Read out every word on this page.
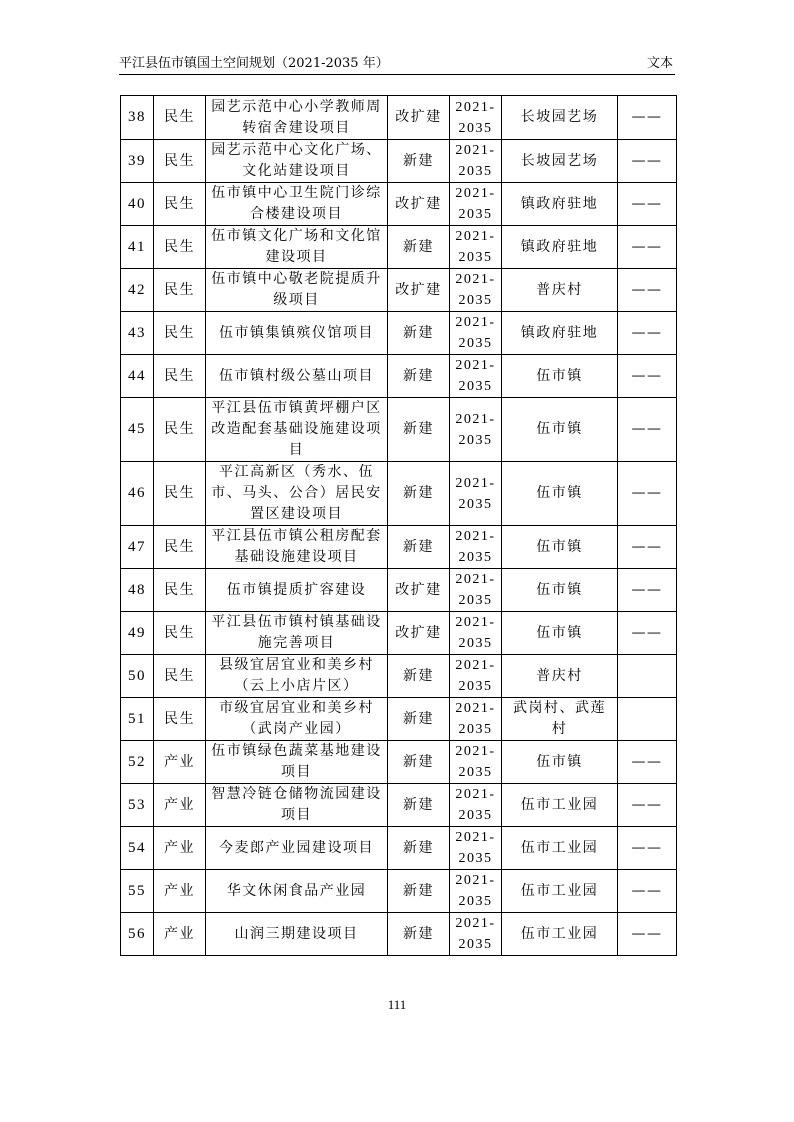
平江县伍市镇国土空间规划（2021-2035 年）	文本
38	民生	园艺示范中心小学教师周转宿舍建设项目	改扩建	2021-2035	长坡园艺场	——
39	民生	园艺示范中心文化广场、文化站建设项目	新建	2021-2035	长坡园艺场	——
40	民生	伍市镇中心卫生院门诊综合楼建设项目	改扩建	2021-2035	镇政府驻地	——
41	民生	伍市镇文化广场和文化馆建设项目	新建	2021-2035	镇政府驻地	——
42	民生	伍市镇中心敬老院提质升级项目	改扩建	2021-2035	普庆村	——
43	民生	伍市镇集镇殡仪馆项目	新建	2021-2035	镇政府驻地	——
44	民生	伍市镇村级公墓山项目	新建	2021-2035	伍市镇	——
45	民生	平江县伍市镇黄坪棚户区改造配套基础设施建设项目	新建	2021-2035	伍市镇	——
46	民生	平江高新区（秀水、伍市、马头、公合）居民安置区建设项目	新建	2021-2035	伍市镇	——
47	民生	平江县伍市镇公租房配套基础设施建设项目	新建	2021-2035	伍市镇	——
48	民生	伍市镇提质扩容建设	改扩建	2021-2035	伍市镇	——
49	民生	平江县伍市镇村镇基础设施完善项目	改扩建	2021-2035	伍市镇	——
50	民生	县级宜居宜业和美乡村（云上小店片区）	新建	2021-2035	普庆村	
51	民生	市级宜居宜业和美乡村（武岗产业园）	新建	2021-2035	武岗村、武莲村	
52	产业	伍市镇绿色蔬菜基地建设项目	新建	2021-2035	伍市镇	——
53	产业	智慧冷链仓储物流园建设项目	新建	2021-2035	伍市工业园	——
54	产业	今麦郎产业园建设项目	新建	2021-2035	伍市工业园	——
55	产业	华文休闲食品产业园	新建	2021-2035	伍市工业园	——
56	产业	山润三期建设项目	新建	2021-2035	伍市工业园	——
111
